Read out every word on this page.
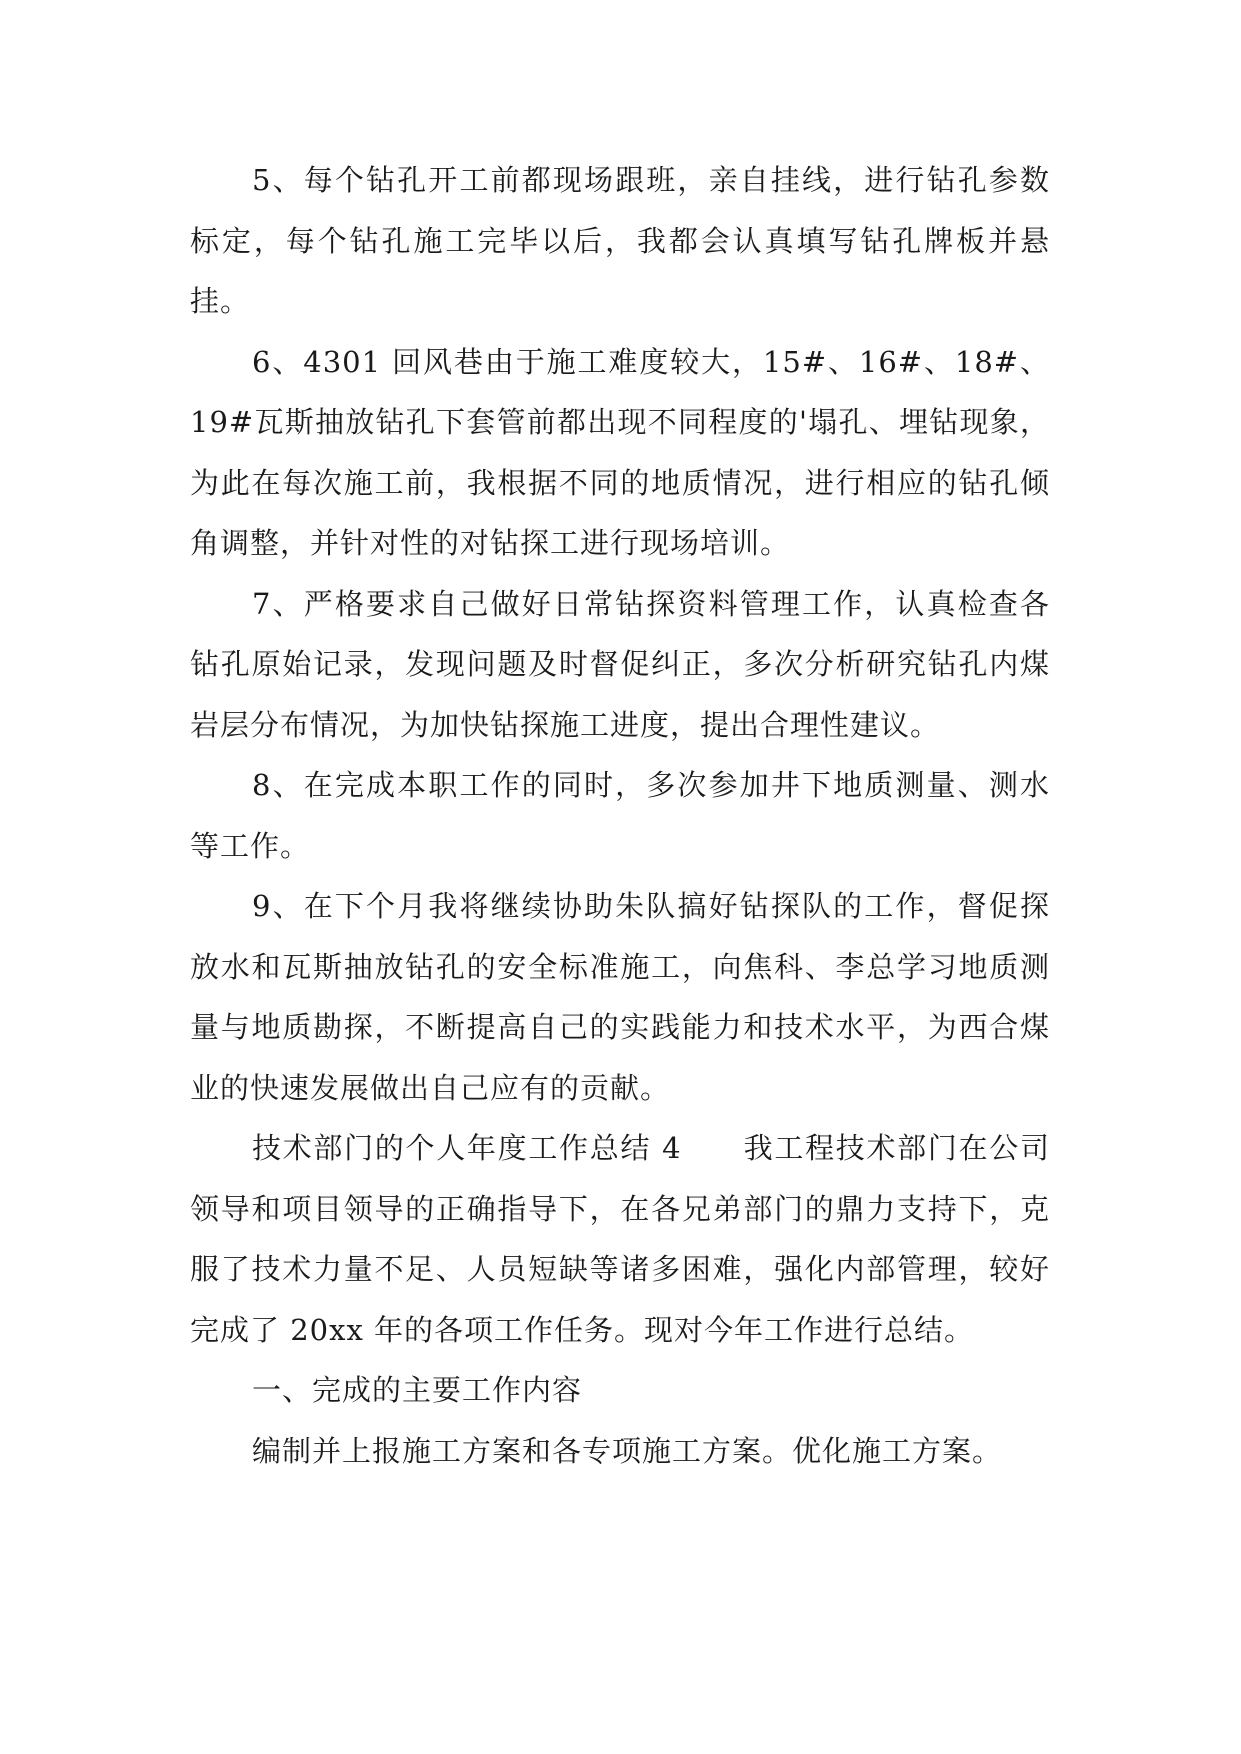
5、每个钻孔开工前都现场跟班，亲自挂线，进行钻孔参数标定，每个钻孔施工完毕以后，我都会认真填写钻孔牌板并悬挂。

6、4301 回风巷由于施工难度较大，15#、16#、18#、19#瓦斯抽放钻孔下套管前都出现不同程度的'塌孔、埋钻现象，为此在每次施工前，我根据不同的地质情况，进行相应的钻孔倾角调整，并针对性的对钻探工进行现场培训。

7、严格要求自己做好日常钻探资料管理工作，认真检查各钻孔原始记录，发现问题及时督促纠正，多次分析研究钻孔内煤岩层分布情况，为加快钻探施工进度，提出合理性建议。

8、在完成本职工作的同时，多次参加井下地质测量、测水等工作。

9、在下个月我将继续协助朱队搞好钻探队的工作，督促探放水和瓦斯抽放钻孔的安全标准施工，向焦科、李总学习地质测量与地质勘探，不断提高自己的实践能力和技术水平，为西合煤业的快速发展做出自己应有的贡献。

技术部门的个人年度工作总结 4　　我工程技术部门在公司领导和项目领导的正确指导下，在各兄弟部门的鼎力支持下，克服了技术力量不足、人员短缺等诸多困难，强化内部管理，较好完成了 20xx 年的各项工作任务。现对今年工作进行总结。

一、完成的主要工作内容

编制并上报施工方案和各专项施工方案。优化施工方案。
